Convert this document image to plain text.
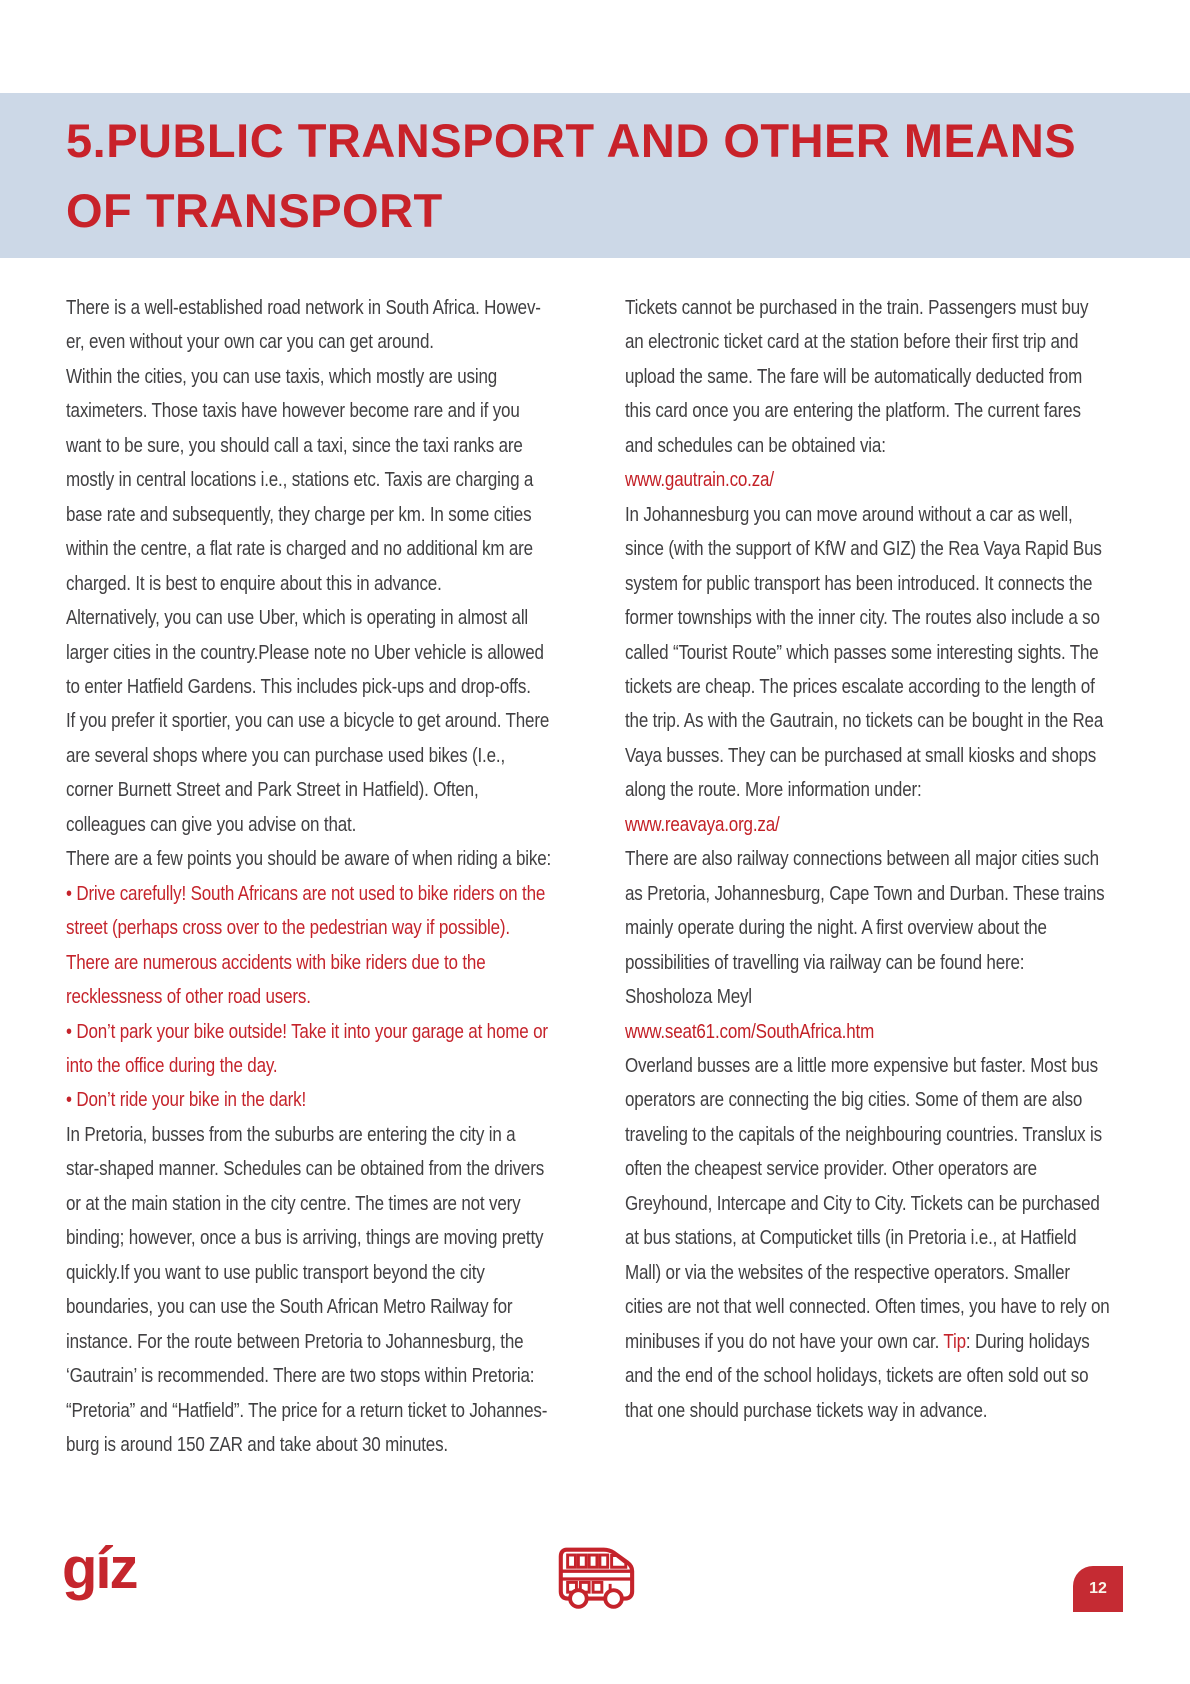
5.PUBLIC TRANSPORT AND OTHER MEANS
OF TRANSPORT
There is a well-established road network in South Africa. Howev-
er, even without your own car you can get around.
Within the cities, you can use taxis, which mostly are using
taximeters. Those taxis have however become rare and if you
want to be sure, you should call a taxi, since the taxi ranks are
mostly in central locations i.e., stations etc. Taxis are charging a
base rate and subsequently, they charge per km. In some cities
within the centre, a flat rate is charged and no additional km are
charged. It is best to enquire about this in advance.
Alternatively, you can use Uber, which is operating in almost all
larger cities in the country.Please note no Uber vehicle is allowed
to enter Hatfield Gardens. This includes pick-ups and drop-offs.
If you prefer it sportier, you can use a bicycle to get around. There
are several shops where you can purchase used bikes (I.e.,
corner Burnett Street and Park Street in Hatfield). Often,
colleagues can give you advise on that.
There are a few points you should be aware of when riding a bike:
• Drive carefully! South Africans are not used to bike riders on the
street (perhaps cross over to the pedestrian way if possible).
There are numerous accidents with bike riders due to the
recklessness of other road users.
• Don’t park your bike outside! Take it into your garage at home or
into the office during the day.
• Don’t ride your bike in the dark!
In Pretoria, busses from the suburbs are entering the city in a
star-shaped manner. Schedules can be obtained from the drivers
or at the main station in the city centre. The times are not very
binding; however, once a bus is arriving, things are moving pretty
quickly.If you want to use public transport beyond the city
boundaries, you can use the South African Metro Railway for
instance. For the route between Pretoria to Johannesburg, the
‘Gautrain’ is recommended. There are two stops within Pretoria:
“Pretoria” and “Hatfield”. The price for a return ticket to Johannes-
burg is around 150 ZAR and take about 30 minutes.
Tickets cannot be purchased in the train. Passengers must buy
an electronic ticket card at the station before their first trip and
upload the same. The fare will be automatically deducted from
this card once you are entering the platform. The current fares
and schedules can be obtained via:
www.gautrain.co.za/
In Johannesburg you can move around without a car as well,
since (with the support of KfW and GIZ) the Rea Vaya Rapid Bus
system for public transport has been introduced. It connects the
former townships with the inner city. The routes also include a so
called “Tourist Route” which passes some interesting sights. The
tickets are cheap. The prices escalate according to the length of
the trip. As with the Gautrain, no tickets can be bought in the Rea
Vaya busses. They can be purchased at small kiosks and shops
along the route. More information under:
www.reavaya.org.za/
There are also railway connections between all major cities such
as Pretoria, Johannesburg, Cape Town and Durban. These trains
mainly operate during the night. A first overview about the
possibilities of travelling via railway can be found here:
Shosholoza Meyl
www.seat61.com/SouthAfrica.htm
Overland busses are a little more expensive but faster. Most bus
operators are connecting the big cities. Some of them are also
traveling to the capitals of the neighbouring countries. Translux is
often the cheapest service provider. Other operators are
Greyhound, Intercape and City to City. Tickets can be purchased
at bus stations, at Computicket tills (in Pretoria i.e., at Hatfield
Mall) or via the websites of the respective operators. Smaller
cities are not that well connected. Often times, you have to rely on
minibuses if you do not have your own car. Tip: During holidays
and the end of the school holidays, tickets are often sold out so
that one should purchase tickets way in advance.
gíz	12
